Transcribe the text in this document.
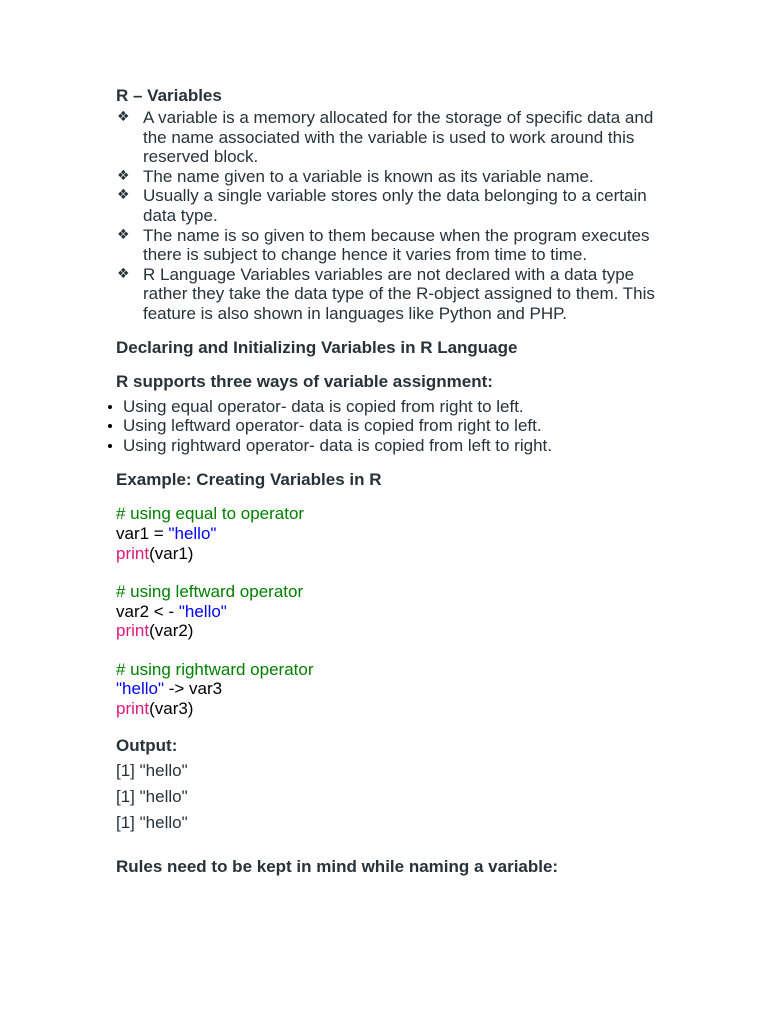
R – Variables

❖ A variable is a memory allocated for the storage of specific data and the name associated with the variable is used to work around this reserved block.
❖ The name given to a variable is known as its variable name.
❖ Usually a single variable stores only the data belonging to a certain data type.
❖ The name is so given to them because when the program executes there is subject to change hence it varies from time to time.
❖ R Language Variables variables are not declared with a data type rather they take the data type of the R-object assigned to them. This feature is also shown in languages like Python and PHP.

Declaring and Initializing Variables in R Language

R supports three ways of variable assignment:

Using equal operator- data is copied from right to left.
Using leftward operator- data is copied from right to left.
Using rightward operator- data is copied from left to right.

Example: Creating Variables in R

# using equal to operator
var1 = "hello"
print(var1)
# using leftward operator
var2 < - "hello"
print(var2)
# using rightward operator
"hello" -> var3
print(var3)

Output:

[1] "hello"
[1] "hello"
[1] "hello"

Rules need to be kept in mind while naming a variable:
